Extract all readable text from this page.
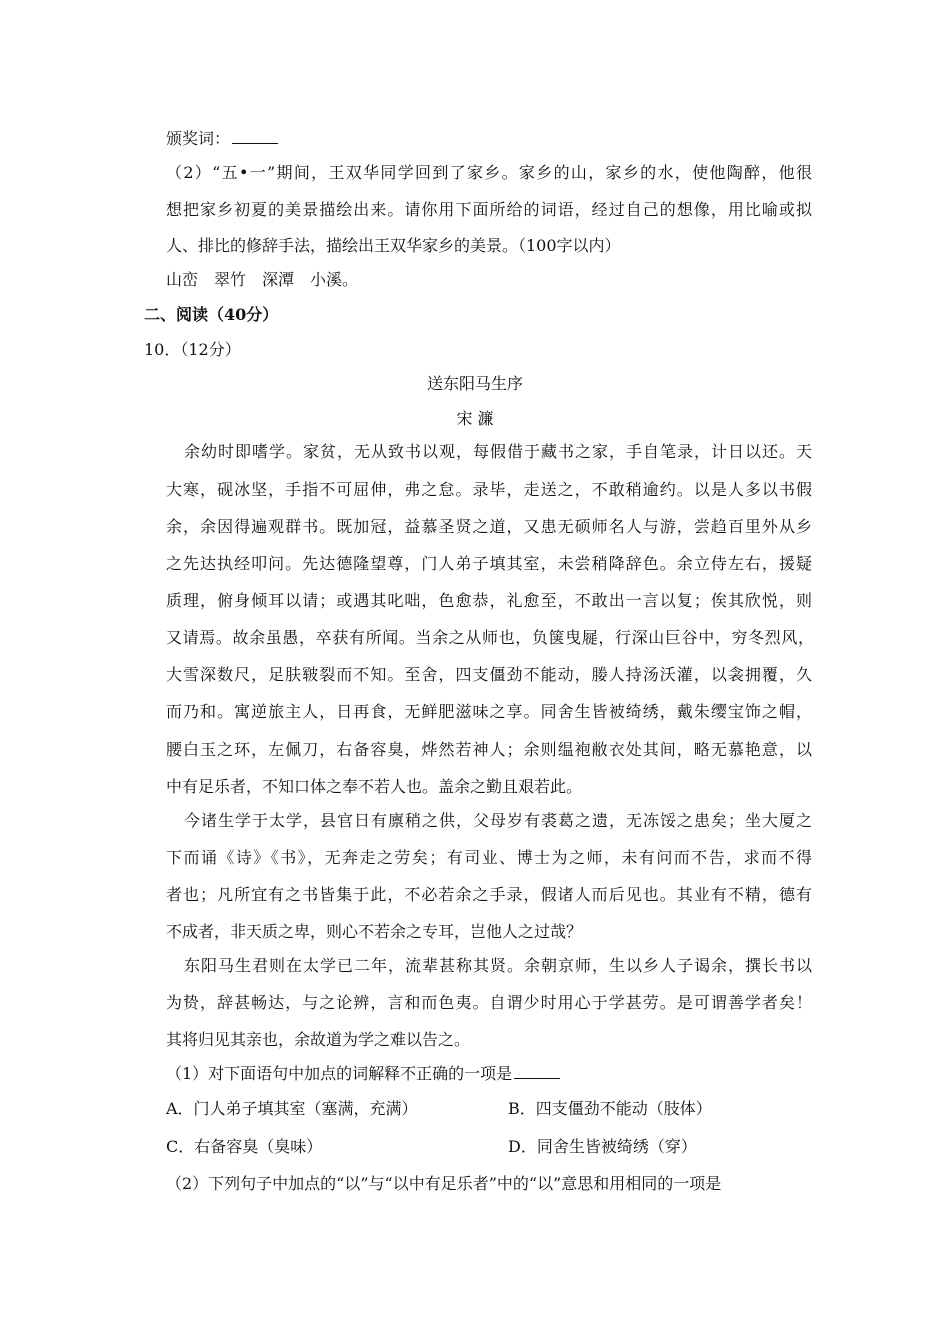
颁奖词：
（2）“五•一”期间，王双华同学回到了家乡。家乡的山，家乡的水，使他陶醉，他很
想把家乡初夏的美景描绘出来。请你用下面所给的词语，经过自己的想像，用比喻或拟
人、排比的修辞手法，描绘出王双华家乡的美景。（100字以内）
山峦　翠竹　深潭　小溪。
二、阅读（40分）
10．（12分）
送东阳马生序
宋 濂
余幼时即嗜学。家贫，无从致书以观，每假借于藏书之家，手自笔录，计日以还。天
大寒，砚冰坚，手指不可屈伸，弗之怠。录毕，走送之，不敢稍逾约。以是人多以书假
余，余因得遍观群书。既加冠，益慕圣贤之道，又患无硕师名人与游，尝趋百里外从乡
之先达执经叩问。先达德隆望尊，门人弟子填其室，未尝稍降辞色。余立侍左右，援疑
质理，俯身倾耳以请；或遇其叱咄，色愈恭，礼愈至，不敢出一言以复；俟其欣悦，则
又请焉。故余虽愚，卒获有所闻。当余之从师也，负箧曳屣，行深山巨谷中，穷冬烈风，
大雪深数尺，足肤皲裂而不知。至舍，四支僵劲不能动，媵人持汤沃灌，以衾拥覆，久
而乃和。寓逆旅主人，日再食，无鲜肥滋味之享。同舍生皆被绮绣，戴朱缨宝饰之帽，
腰白玉之环，左佩刀，右备容臭，烨然若神人；余则缊袍敝衣处其间，略无慕艳意，以
中有足乐者，不知口体之奉不若人也。盖余之勤且艰若此。
今诸生学于太学，县官日有廪稍之供，父母岁有裘葛之遗，无冻馁之患矣；坐大厦之
下而诵《诗》《书》，无奔走之劳矣；有司业、博士为之师，未有问而不告，求而不得
者也；凡所宜有之书皆集于此，不必若余之手录，假诸人而后见也。其业有不精，德有
不成者，非天质之卑，则心不若余之专耳，岂他人之过哉？
东阳马生君则在太学已二年，流辈甚称其贤。余朝京师，生以乡人子谒余，撰长书以
为贽，辞甚畅达，与之论辨，言和而色夷。自谓少时用心于学甚劳。是可谓善学者矣！
其将归见其亲也，余故道为学之难以告之。
（1）对下面语句中加点的词解释不正确的一项是
A．门人弟子填其室（塞满，充满）	B．四支僵劲不能动（肢体）
C．右备容臭（臭味）	D．同舍生皆被绮绣（穿）
（2）下列句子中加点的“以”与“以中有足乐者”中的“以”意思和用相同的一项是
